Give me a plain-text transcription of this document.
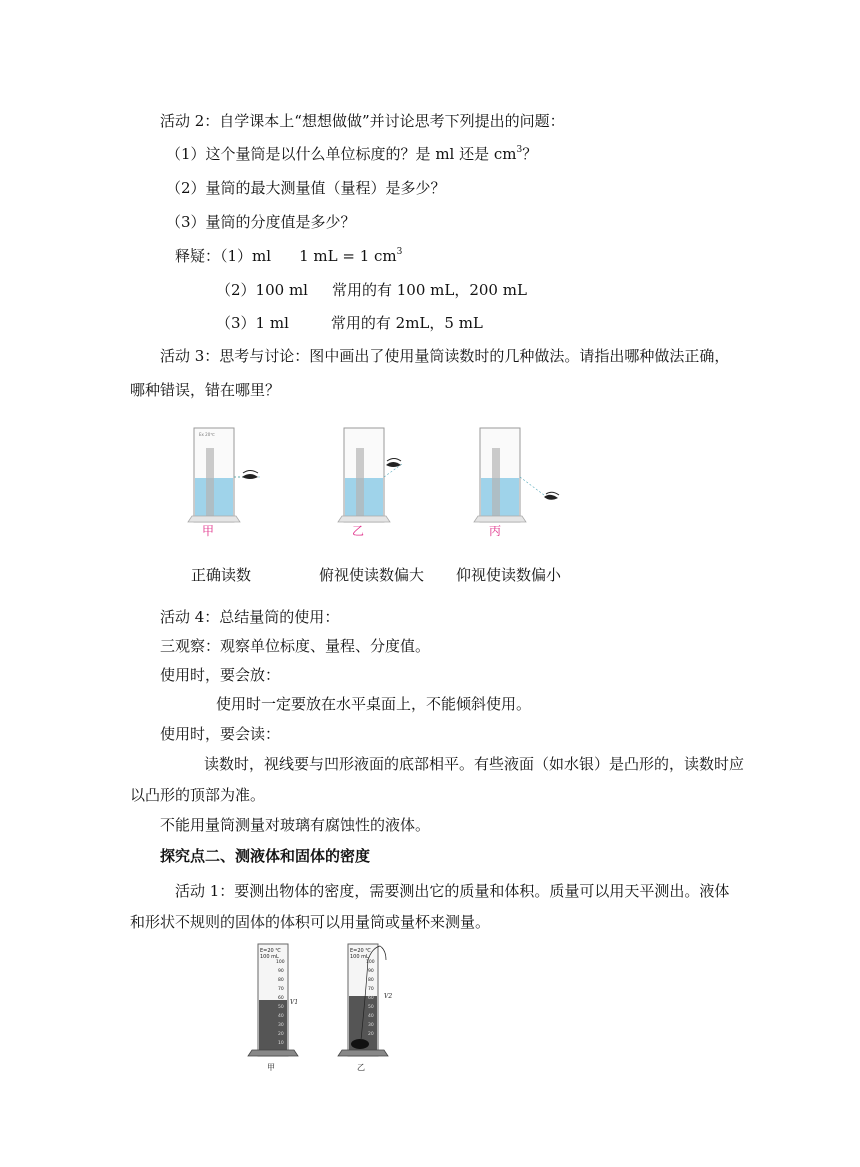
活动 2：自学课本上“想想做做”并讨论思考下列提出的问题：
（1）这个量筒是以什么单位标度的？是 ml 还是 $cm^3$？
（2）量筒的最大测量值（量程）是多少？
（3）量筒的分度值是多少？
释疑：（1）ml 1 mL = 1 $cm^3$
（2）100 ml 常用的有 100 mL，200 mL
（3）1 ml	常用的有 2mL，5 mL
活动 3：思考与讨论：图中画出了使用量筒读数时的几种做法。请指出哪种做法正确，
哪种错误，错在哪里？
Ex 20℃
甲	乙	丙
正确读数	俯视使读数偏大 仰视使读数偏小
活动 4：总结量筒的使用：
三观察：观察单位标度、量程、分度值。
使用时，要会放：
使用时一定要放在水平桌面上，不能倾斜使用。
使用时，要会读：
读数时，视线要与凹形液面的底部相平。有些液面（如水银）是凸形的，读数时应
以凸形的顶部为准。
不能用量筒测量对玻璃有腐蚀性的液体。
探究点二、测液体和固体的密度
活动 1：要测出物体的密度，需要测出它的质量和体积。质量可以用天平测出。液体
和形状不规则的固体的体积可以用量筒或量杯来测量。
E=20 ℃
100 mL
100
90
80
70
60
50
40
30
20
10
V1
甲
E=20 ℃
100 mL
100
90
80
70
60
50
40
30
20
V2
乙
